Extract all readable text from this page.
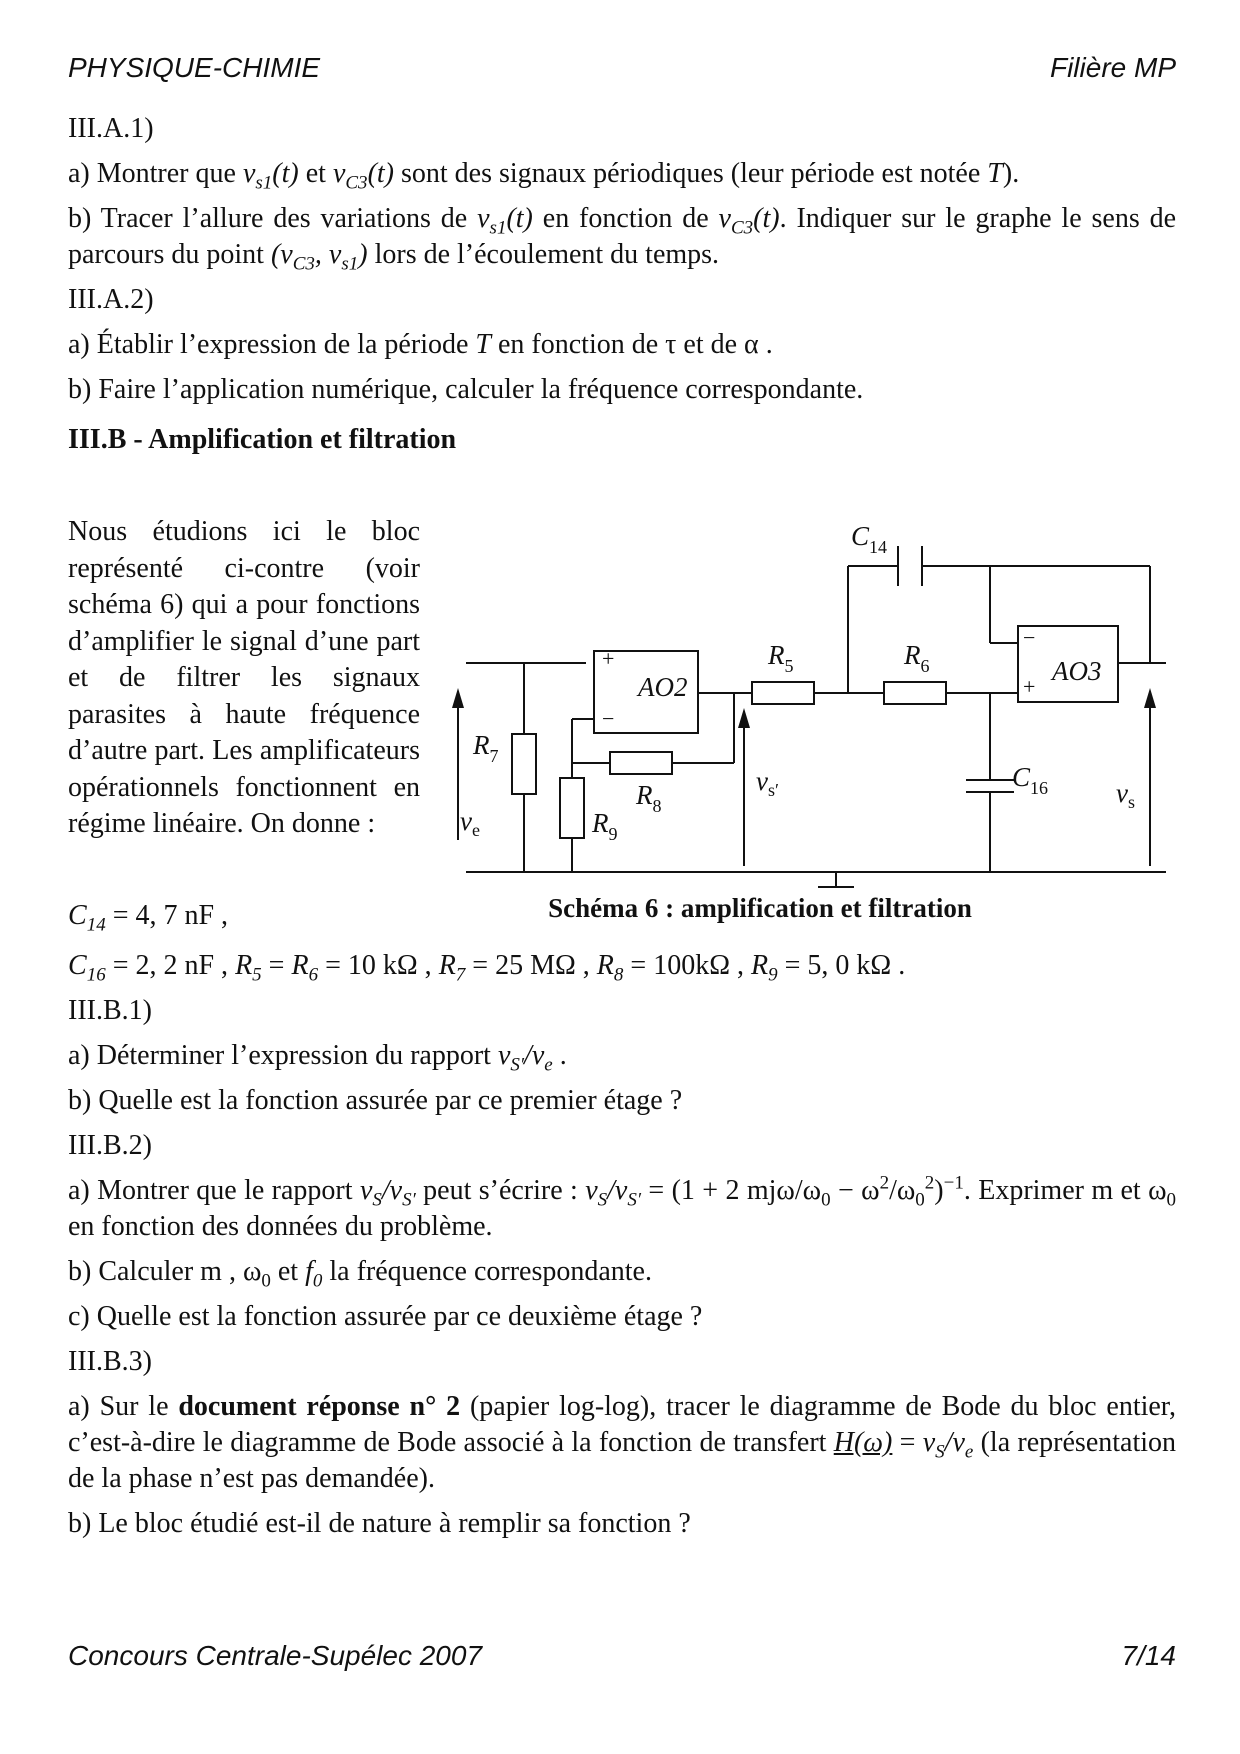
PHYSIQUE-CHIMIE	Filière MP

III.A.1)

a) Montrer que $v_{s1}(t)$ et $v_{C3}(t)$ sont des signaux périodiques (leur période est notée T).

b) Tracer l’allure des variations de $v_{s1}(t)$ en fonction de $v_{C3}(t)$. Indiquer sur le graphe le sens de parcours du point ($v_{C3}$, $v_{s1}$) lors de l’écoulement du temps.

III.A.2)

a) Établir l’expression de la période T en fonction de τ et de α .

b) Faire l’application numérique, calculer la fréquence correspondante.

III.B - Amplification et filtration

Nous étudions ici le bloc représenté ci-contre (voir schéma 6) qui a pour fonctions d’amplifier le signal d’une part et de filtrer les signaux parasites à haute fréquence d’autre part. Les amplificateurs opérationnels fonctionnent en régime linéaire. On donne :

$C_{14} = 4$, 7 nF ,
$C_{14}$
$R_5$	$R_6$
$R_7$
$R_8$
$R_9$
$C_{16}$
AO2
AO3
+
−
−
+
$v_e$
$v_{s'}$	$v_s$
Schéma 6 : amplification et filtration

$C_{16} = 2$, 2 nF , $R_5 = R_6 = 10$ kΩ , $R_7 = 25$ MΩ , $R_8 = 100k\Omega$ , $R_9 = 5$, 0 kΩ .

III.B.1)

a) Déterminer l’expression du rapport $v_{S'}/v_e$ .

b) Quelle est la fonction assurée par ce premier étage ?

III.B.2)

a) Montrer que le rapport $v_S/v_{S'}$ peut s’écrire : $v_S/v_{S'} = (1 + 2$ mjω/$\omega_0 - \omega^2/\omega_0^2)^{-1}$. Exprimer m et $\omega_0$ en fonction des données du problème.

b) Calculer m , $\omega_0$ et $f_0$ la fréquence correspondante.

c) Quelle est la fonction assurée par ce deuxième étage ?

III.B.3)

a) Sur le document réponse n° 2 (papier log-log), tracer le diagramme de Bode du bloc entier, c’est-à-dire le diagramme de Bode associé à la fonction de transfert $H(\omega) = v_S/v_e$ (la représentation de la phase n’est pas demandée).

b) Le bloc étudié est-il de nature à remplir sa fonction ?

Concours Centrale-Supélec 2007	7/14
